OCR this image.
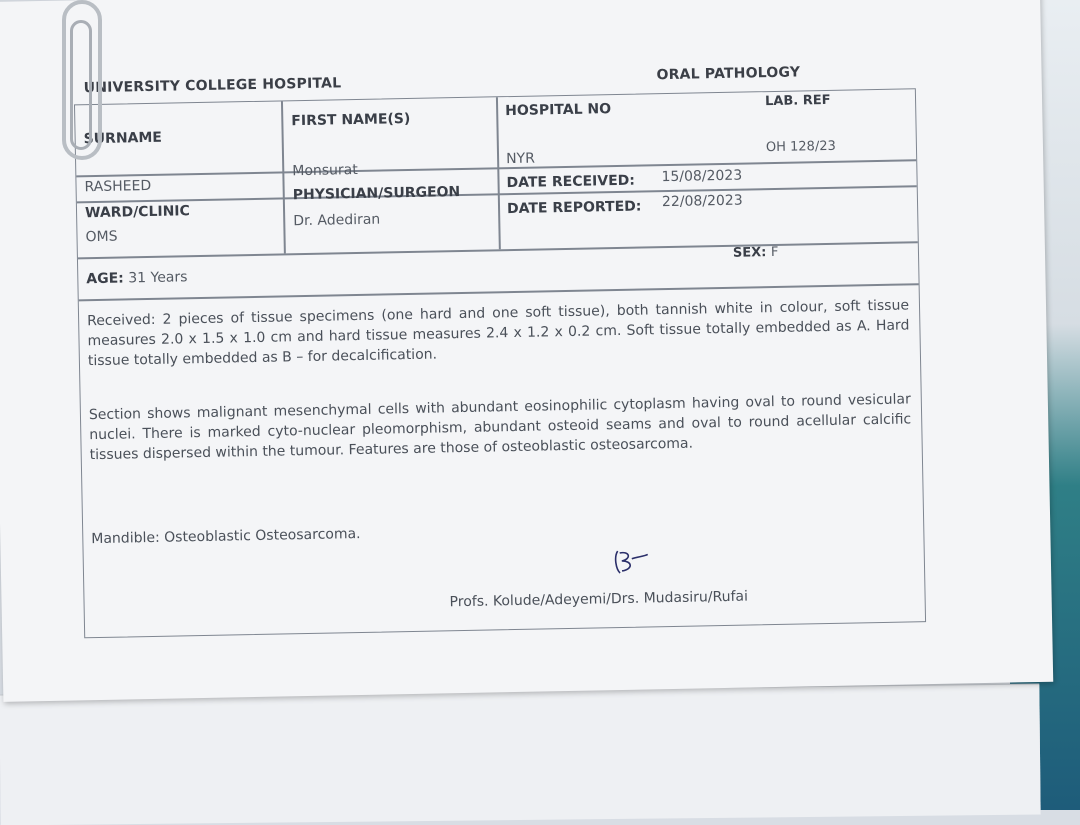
UNIVERSITY COLLEGE HOSPITAL
ORAL PATHOLOGY
SURNAME
FIRST NAME(S)
HOSPITAL NO
LAB. REF
RASHEED
Monsurat
NYR
OH 128/23
WARD/CLINIC
OMS
PHYSICIAN/SURGEON
Dr. Adediran
DATE RECEIVED: 15/08/2023
DATE REPORTED: 22/08/2023
AGE: 31 Years
SEX: F
Received: 2 pieces of tissue specimens (one hard and one soft tissue), both tannish white in colour, soft tissue measures 2.0 x 1.5 x 1.0 cm and hard tissue measures 2.4 x 1.2 x 0.2 cm. Soft tissue totally embedded as A. Hard tissue totally embedded as B – for decalcification.
Section shows malignant mesenchymal cells with abundant eosinophilic cytoplasm having oval to round vesicular nuclei. There is marked cyto-nuclear pleomorphism, abundant osteoid seams and oval to round acellular calcific tissues dispersed within the tumour. Features are those of osteoblastic osteosarcoma.
Mandible: Osteoblastic Osteosarcoma.
Profs. Kolude/Adeyemi/Drs. Mudasiru/Rufai
